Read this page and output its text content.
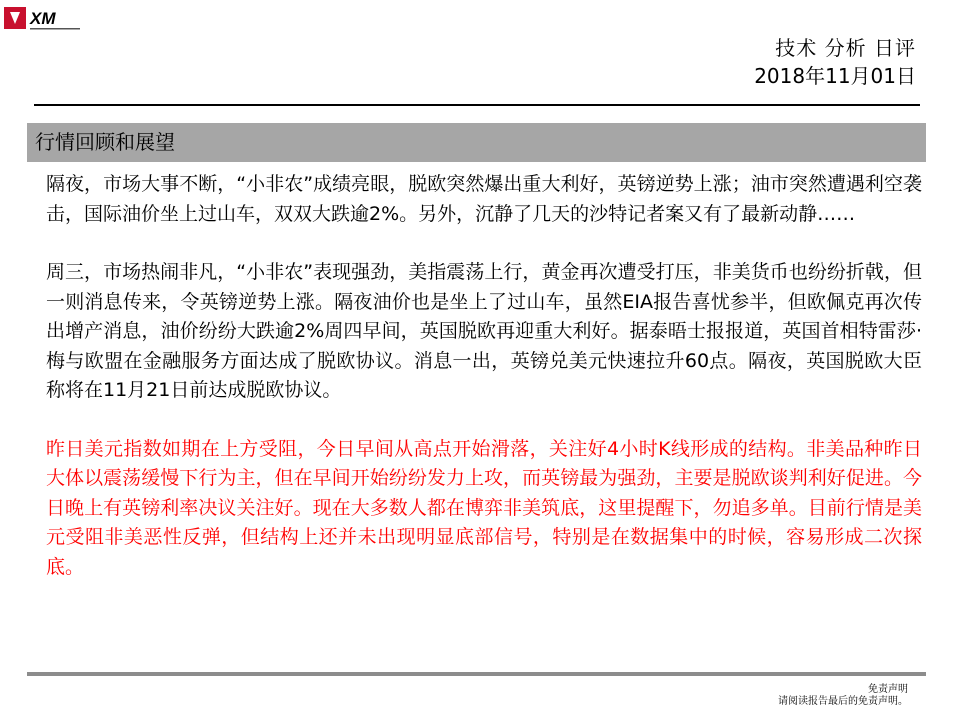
XM
技术 分析 日评
2018年11月01日
行情回顾和展望

隔夜，市场大事不断，“小非农”成绩亮眼，脱欧突然爆出重大利好，英镑逆势上涨；油市突然遭遇利空袭击，国际油价坐上过山车，双双大跌逾2%。另外，沉静了几天的沙特记者案又有了最新动静……

周三，市场热闹非凡，“小非农”表现强劲，美指震荡上行，黄金再次遭受打压，非美货币也纷纷折戟，但一则消息传来，令英镑逆势上涨。隔夜油价也是坐上了过山车，虽然EIA报告喜忧参半，但欧佩克再次传出增产消息，油价纷纷大跌逾2%周四早间，英国脱欧再迎重大利好。据泰晤士报报道，英国首相特雷莎·梅与欧盟在金融服务方面达成了脱欧协议。消息一出，英镑兑美元快速拉升60点。隔夜，英国脱欧大臣称将在11月21日前达成脱欧协议。

昨日美元指数如期在上方受阻，今日早间从高点开始滑落，关注好4小时K线形成的结构。非美品种昨日大体以震荡缓慢下行为主，但在早间开始纷纷发力上攻，而英镑最为强劲，主要是脱欧谈判利好促进。今日晚上有英镑利率决议关注好。现在大多数人都在博弈非美筑底，这里提醒下，勿追多单。目前行情是美元受阻非美恶性反弹，但结构上还并未出现明显底部信号，特别是在数据集中的时候，容易形成二次探底。

免责声明
请阅读报告最后的免责声明。
